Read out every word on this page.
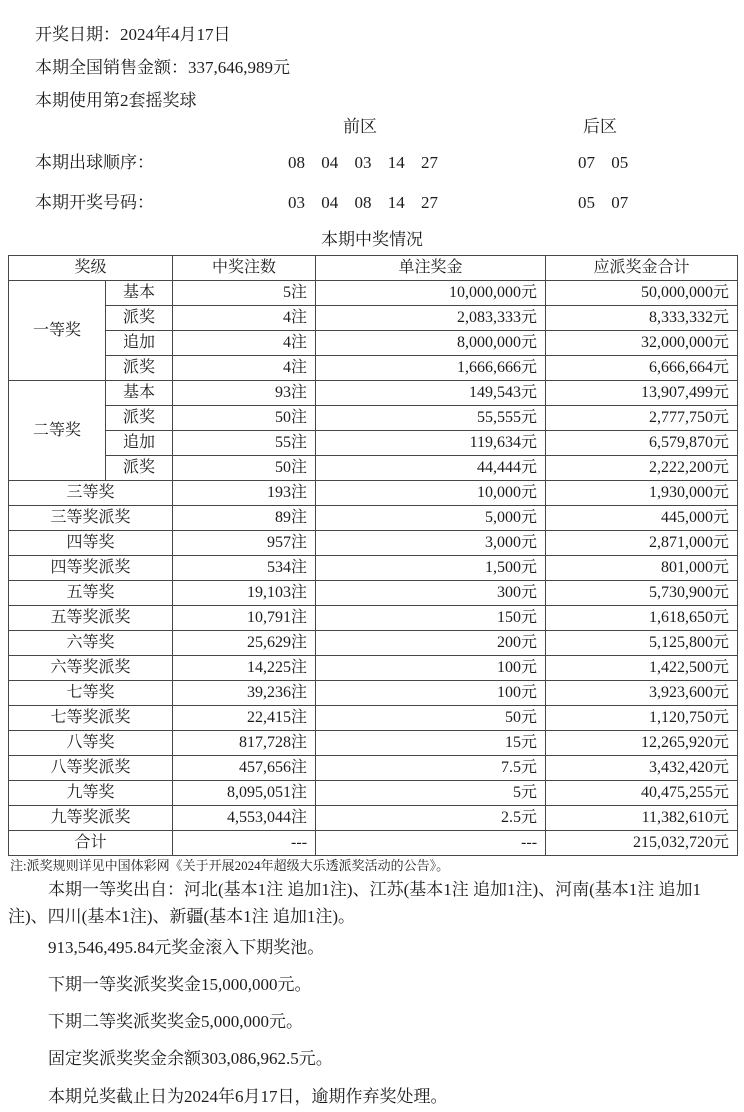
开奖日期：2024年4月17日
本期全国销售金额：337,646,989元
本期使用第2套摇奖球
前区	后区
本期出球顺序：	08 04 03 14 27	07 05
本期开奖号码：	03 04 08 14 27	05 07
本期中奖情况
奖级		中奖注数	单注奖金	应派奖金合计
一等奖	基本	5注	10,000,000元	50,000,000元
	派奖	4注	2,083,333元	8,333,332元
	追加	4注	8,000,000元	32,000,000元
	派奖	4注	1,666,666元	6,666,664元
二等奖	基本	93注	149,543元	13,907,499元
	派奖	50注	55,555元	2,777,750元
	追加	55注	119,634元	6,579,870元
	派奖	50注	44,444元	2,222,200元
三等奖		193注	10,000元	1,930,000元
三等奖派奖		89注	5,000元	445,000元
四等奖		957注	3,000元	2,871,000元
四等奖派奖		534注	1,500元	801,000元
五等奖		19,103注	300元	5,730,900元
五等奖派奖		10,791注	150元	1,618,650元
六等奖		25,629注	200元	5,125,800元
六等奖派奖		14,225注	100元	1,422,500元
七等奖		39,236注	100元	3,923,600元
七等奖派奖		22,415注	50元	1,120,750元
八等奖		817,728注	15元	12,265,920元
八等奖派奖		457,656注	7.5元	3,432,420元
九等奖		8,095,051注	5元	40,475,255元
九等奖派奖		4,553,044注	2.5元	11,382,610元
合计		---	---	215,032,720元
注:派奖规则详见中国体彩网《关于开展2024年超级大乐透派奖活动的公告》。
本期一等奖出自：河北(基本1注 追加1注)、江苏(基本1注 追加1注)、河南(基本1注 追加1注)、四川(基本1注)、新疆(基本1注 追加1注)。
913,546,495.84元奖金滚入下期奖池。
下期一等奖派奖奖金15,000,000元。
下期二等奖派奖奖金5,000,000元。
固定奖派奖奖金余额303,086,962.5元。
本期兑奖截止日为2024年6月17日，逾期作弃奖处理。
